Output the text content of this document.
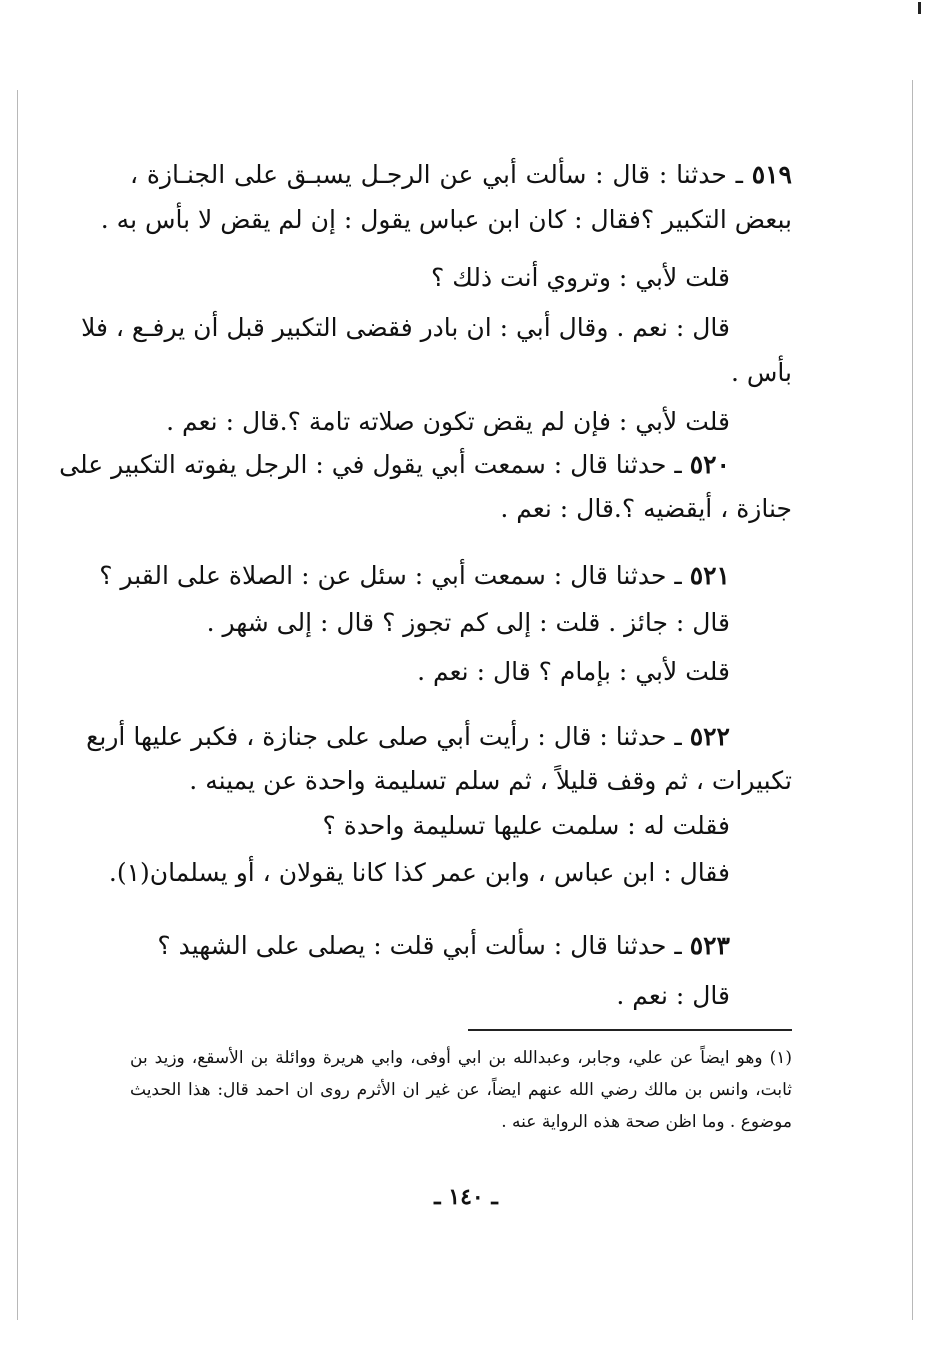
٥١٩ ـ حدثنا : قال : سألت أبي عن الرجـل يسبـق على الجنـازة ،
ببعض التكبير ؟فقال : كان ابن عباس يقول : إن لم يقض لا بأس به .
قلت لأبي : وتروي أنت ذلك ؟
قال : نعم . وقال أبي : ان بادر فقضى التكبير قبل أن يرفـع ، فلا
بأس .
قلت لأبي : فإن لم يقض تكون صلاته تامة ؟.قال : نعم .
٥٢٠ ـ حدثنا قال : سمعت أبي يقول في : الرجل يفوته التكبير على
جنازة ، أيقضيه ؟.قال : نعم .
٥٢١ ـ حدثنا قال : سمعت أبي : سئل عن : الصلاة على القبر ؟
قال : جائز . قلت : إلى كم تجوز ؟ قال : إلى شهر .
قلت لأبي : بإمام ؟ قال : نعم .
٥٢٢ ـ حدثنا : قال : رأيت أبي صلى على جنازة ، فكبر عليها أربع
تكبيرات ، ثم وقف قليلاً ، ثم سلم تسليمة واحدة عن يمينه .
فقلت له : سلمت عليها تسليمة واحدة ؟
فقال : ابن عباس ، وابن عمر كذا كانا يقولان ، أو يسلمان(١).
٥٢٣ ـ حدثنا قال : سألت أبي قلت : يصلى على الشهيد ؟
قال : نعم .
(١) وهو ايضاً عن علي، وجابر، وعبدالله بن ابي أوفى، وابي هريرة ووائلة بن الأسقع، وزيد بن
ثابت، وانس بن مالك رضي الله عنهم ايضاً، عن غير ان الأثرم روى ان احمد قال: هذا الحديث
موضوع . وما اظن صحة هذه الرواية عنه .
ـ ١٤٠ ـ
